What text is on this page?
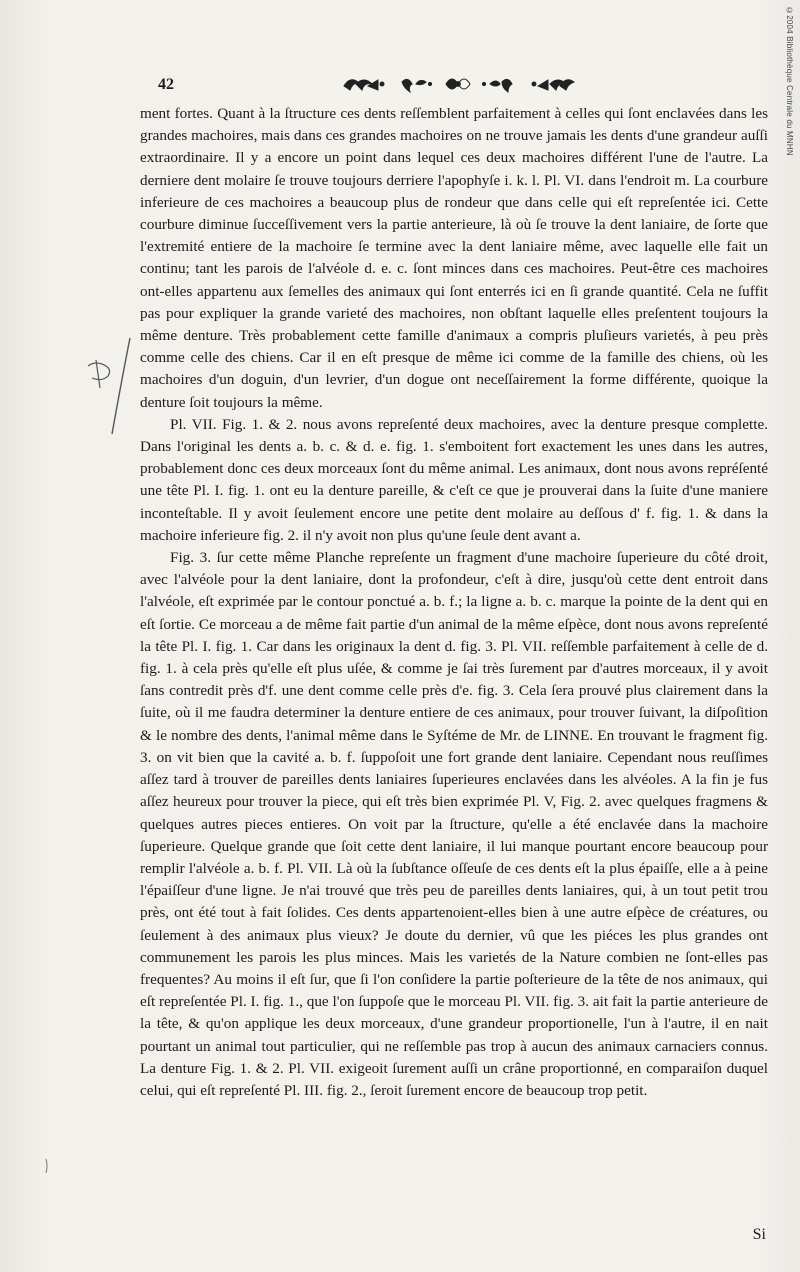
©2004 Bibliothèque Centrale du MNHN
42

ment fortes. Quant à la ſtructure ces dents reſſemblent parfaitement à celles qui ſont enclavées dans les grandes machoires, mais dans ces grandes machoires on ne trouve jamais les dents d'une grandeur auſſi extraordinaire. Il y a encore un point dans lequel ces deux machoires différent l'une de l'autre. La derniere dent molaire ſe trouve toujours derriere l'apophyſe i. k. l. Pl. VI. dans l'endroit m. La courbure inferieure de ces machoires a beaucoup plus de rondeur que dans celle qui eſt repreſentée ici. Cette courbure diminue ſucceſſivement vers la partie anterieure, là où ſe trouve la dent laniaire, de ſorte que l'extremité entiere de la machoire ſe termine avec la dent laniaire même, avec laquelle elle fait un continu; tant les parois de l'alvéole d. e. c. ſont minces dans ces machoires. Peut-être ces machoires ont-elles appartenu aux ſemelles des animaux qui ſont enterrés ici en ſi grande quantité. Cela ne ſuffit pas pour expliquer la grande varieté des machoires, non obſtant laquelle elles preſentent toujours la même denture. Très probablement cette famille d'animaux a compris pluſieurs varietés, à peu près comme celle des chiens. Car il en eſt presque de même ici comme de la famille des chiens, où les machoires d'un doguin, d'un levrier, d'un dogue ont neceſſairement la forme différente, quoique la denture ſoit toujours la même.

Pl. VII. Fig. 1. & 2. nous avons repreſenté deux machoires, avec la denture presque complette. Dans l'original les dents a. b. c. & d. e. fig. 1. s'emboitent fort exactement les unes dans les autres, probablement donc ces deux morceaux ſont du même animal. Les animaux, dont nous avons repréſenté une tête Pl. I. fig. 1. ont eu la denture pareille, & c'eſt ce que je prouverai dans la ſuite d'une maniere inconteſtable. Il y avoit ſeulement encore une petite dent molaire au deſſous d' f. fig. 1. & dans la machoire inferieure fig. 2. il n'y avoit non plus qu'une ſeule dent avant a.

Fig. 3. ſur cette même Planche repreſente un fragment d'une machoire ſuperieure du côté droit, avec l'alvéole pour la dent laniaire, dont la profondeur, c'eſt à dire, jusqu'où cette dent entroit dans l'alvéole, eſt exprimée par le contour ponctué a. b. f.; la ligne a. b. c. marque la pointe de la dent qui en eſt ſortie. Ce morceau a de même fait partie d'un animal de la même eſpèce, dont nous avons repreſenté la tête Pl. I. fig. 1. Car dans les originaux la dent d. fig. 3. Pl. VII. reſſemble parfaitement à celle de d. fig. 1. à cela près qu'elle eſt plus uſée, & comme je ſai très ſurement par d'autres morceaux, il y avoit ſans contredit près d'f. une dent comme celle près d'e. fig. 3. Cela ſera prouvé plus clairement dans la ſuite, où il me faudra determiner la denture entiere de ces animaux, pour trouver ſuivant, la diſpoſition & le nombre des dents, l'animal même dans le Syſtéme de Mr. de LINNE. En trouvant le fragment fig. 3. on vit bien que la cavité a. b. f. ſuppoſoit une fort grande dent laniaire. Cependant nous reuſſimes aſſez tard à trouver de pareilles dents laniaires ſuperieures enclavées dans les alvéoles. A la fin je fus aſſez heureux pour trouver la piece, qui eſt très bien exprimée Pl. V, Fig. 2. avec quelques fragmens & quelques autres pieces entieres. On voit par la ſtructure, qu'elle a été enclavée dans la machoire ſuperieure. Quelque grande que ſoit cette dent laniaire, il lui manque pourtant encore beaucoup pour remplir l'alvéole a. b. f. Pl. VII. Là où la ſubſtance oſſeuſe de ces dents eſt la plus épaiſſe, elle a à peine l'épaiſſeur d'une ligne. Je n'ai trouvé que très peu de pareilles dents laniaires, qui, à un tout petit trou près, ont été tout à fait ſolides. Ces dents appartenoient-elles bien à une autre eſpèce de créatures, ou ſeulement à des animaux plus vieux? Je doute du dernier, vû que les piéces les plus grandes ont communement les parois les plus minces. Mais les varietés de la Nature combien ne ſont-elles pas frequentes? Au moins il eſt ſur, que ſi l'on conſidere la partie poſterieure de la tête de nos animaux, qui eſt repreſentée Pl. I. fig. 1., que l'on ſuppoſe que le morceau Pl. VII. fig. 3. ait fait la partie anterieure de la tête, & qu'on applique les deux morceaux, d'une grandeur proportionelle, l'un à l'autre, il en nait pourtant un animal tout particulier, qui ne reſſemble pas trop à aucun des animaux carnaciers connus. La denture Fig. 1. & 2. Pl. VII. exigeoit ſurement auſſi un crâne proportionné, en comparaiſon duquel celui, qui eſt repreſenté Pl. III. fig. 2., ſeroit ſurement encore de beaucoup trop petit.

Si
